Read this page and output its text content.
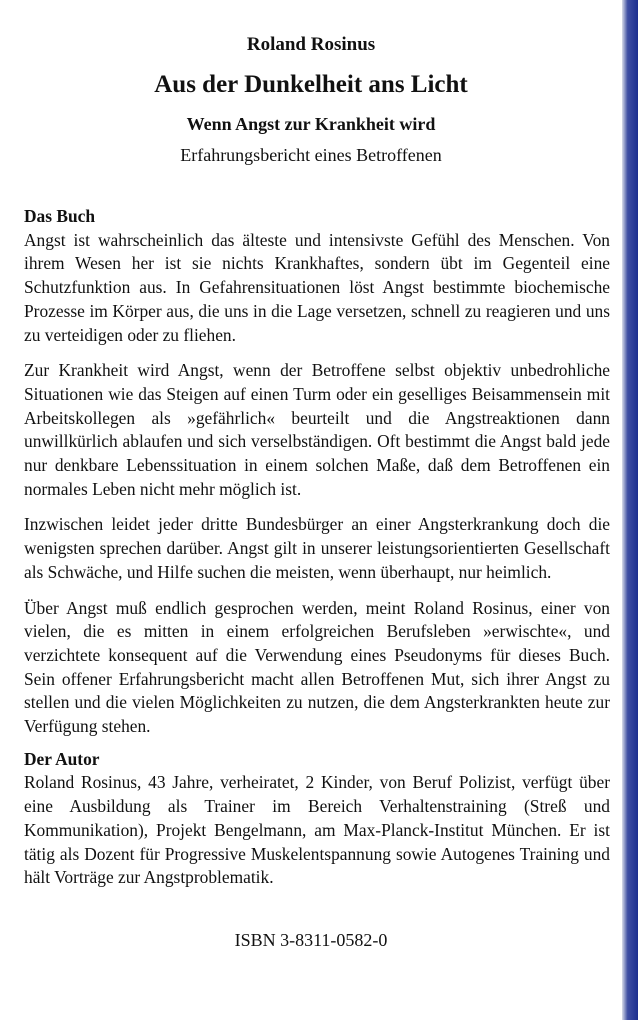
Roland Rosinus
Aus der Dunkelheit ans Licht
Wenn Angst zur Krankheit wird
Erfahrungsbericht eines Betroffenen
Das Buch

Angst ist wahrscheinlich das älteste und intensivste Gefühl des Menschen. Von ihrem Wesen her ist sie nichts Krankhaftes, sondern übt im Gegenteil eine Schutzfunktion aus. In Gefahrensituationen löst Angst bestimmte biochemische Prozesse im Körper aus, die uns in die Lage versetzen, schnell zu reagieren und uns zu verteidigen oder zu fliehen.

Zur Krankheit wird Angst, wenn der Betroffene selbst objektiv unbedrohliche Situationen wie das Steigen auf einen Turm oder ein geselliges Beisammensein mit Arbeitskollegen als »gefährlich« beurteilt und die Angstreaktionen dann unwillkürlich ablaufen und sich verselbständigen. Oft bestimmt die Angst bald jede nur denkbare Lebenssituation in einem solchen Maße, daß dem Betroffenen ein normales Leben nicht mehr möglich ist.

Inzwischen leidet jeder dritte Bundesbürger an einer Angsterkrankung doch die wenigsten sprechen darüber. Angst gilt in unserer leistungsorientierten Gesellschaft als Schwäche, und Hilfe suchen die meisten, wenn überhaupt, nur heimlich.

Über Angst muß endlich gesprochen werden, meint Roland Rosinus, einer von vielen, die es mitten in einem erfolgreichen Berufsleben »erwischte«, und verzichtete konsequent auf die Verwendung eines Pseudonyms für dieses Buch. Sein offener Erfahrungsbericht macht allen Betroffenen Mut, sich ihrer Angst zu stellen und die vielen Möglichkeiten zu nutzen, die dem Angsterkrankten heute zur Verfügung stehen.

Der Autor

Roland Rosinus, 43 Jahre, verheiratet, 2 Kinder, von Beruf Polizist, verfügt über eine Ausbildung als Trainer im Bereich Verhaltenstraining (Streß und Kommunikation), Projekt Bengelmann, am Max-Planck-Institut München. Er ist tätig als Dozent für Progressive Muskelentspannung sowie Autogenes Training und hält Vorträge zur Angstproblematik.

ISBN 3-8311-0582-0
